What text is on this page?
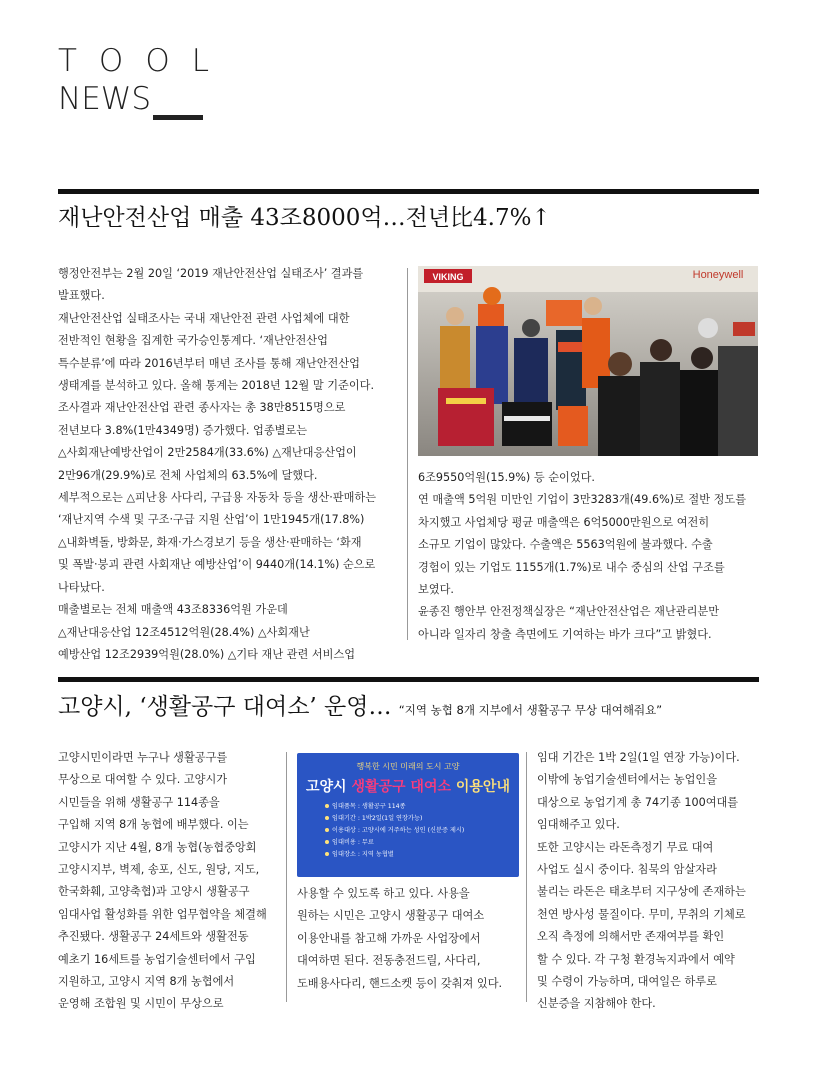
TOOL
NEWS
재난안전산업 매출 43조8000억…전년比4.7%↑

행정안전부는 2월 20일 ‘2019 재난안전산업 실태조사’ 결과를

발표했다.

재난안전산업 실태조사는 국내 재난안전 관련 사업체에 대한

전반적인 현황을 집계한 국가승인통계다. ‘재난안전산업

특수분류’에 따라 2016년부터 매년 조사를 통해 재난안전산업

생태계를 분석하고 있다. 올해 통계는 2018년 12월 말 기준이다.

조사결과 재난안전산업 관련 종사자는 총 38만8515명으로

전년보다 3.8%(1만4349명) 증가했다. 업종별로는

△사회재난예방산업이 2만2584개(33.6%) △재난대응산업이

2만96개(29.9%)로 전체 사업체의 63.5%에 달했다.

세부적으로는 △피난용 사다리, 구급용 자동차 등을 생산·판매하는

‘재난지역 수색 및 구조·구급 지원 산업’이 1만1945개(17.8%)

△내화벽돌, 방화문, 화재·가스경보기 등을 생산·판매하는 ‘화재

및 폭발·붕괴 관련 사회재난 예방산업’이 9440개(14.1%) 순으로

나타났다.

매출별로는 전체 매출액 43조8336억원 가운데

△재난대응산업 12조4512억원(28.4%) △사회재난

예방산업 12조2939억원(28.0%) △기타 재난 관련 서비스업

VIKING	Honeywell

6조9550억원(15.9%) 등 순이었다.

연 매출액 5억원 미만인 기업이 3만3283개(49.6%)로 절반 정도를

차지했고 사업체당 평균 매출액은 6억5000만원으로 여전히

소규모 기업이 많았다. 수출액은 5563억원에 불과했다. 수출

경험이 있는 기업도 1155개(1.7%)로 내수 중심의 산업 구조를

보였다.

윤종진 행안부 안전정책실장은 “재난안전산업은 재난관리분만

아니라 일자리 창출 측면에도 기여하는 바가 크다”고 밝혔다.

고양시, ‘생활공구 대여소’ 운영… “지역 농협 8개 지부에서 생활공구 무상 대여해줘요”

고양시민이라면 누구나 생활공구를

무상으로 대여할 수 있다. 고양시가

시민들을 위해 생활공구 114종을

구입해 지역 8개 농협에 배부했다. 이는

고양시가 지난 4월, 8개 농협(농협중앙회

고양시지부, 벽제, 송포, 신도, 원당, 지도,

한국화훼, 고양축협)과 고양시 생활공구

임대사업 활성화를 위한 업무협약을 체결해

추진됐다. 생활공구 24세트와 생활전동

예초기 16세트를 농업기술센터에서 구입

지원하고, 고양시 지역 8개 농협에서

운영해 조합원 및 시민이 무상으로

행복한 시민 미래의 도시 고양
고양시 생활공구 대여소 이용안내
임대품목 : 생활공구 114종
임대기간 : 1박2일(1일 연장가능)
이용대상 : 고양시에 거주하는 성인 (신분증 제시)
임대비용 : 무료
임대장소 : 지역 농협별

사용할 수 있도록 하고 있다. 사용을

원하는 시민은 고양시 생활공구 대여소

이용안내를 참고해 가까운 사업장에서

대여하면 된다. 전동충전드릴, 사다리,

도배용사다리, 핸드소켓 등이 갖춰져 있다.

임대 기간은 1박 2일(1일 연장 가능)이다.

이밖에 농업기술센터에서는 농업인을

대상으로 농업기계 총 74기종 100여대를

임대해주고 있다.

또한 고양시는 라돈측정기 무료 대여

사업도 실시 중이다. 침묵의 암살자라

불리는 라돈은 태초부터 지구상에 존재하는

천연 방사성 물질이다. 무미, 무취의 기체로

오직 측정에 의해서만 존재여부를 확인

할 수 있다. 각 구청 환경녹지과에서 예약

및 수령이 가능하며, 대여일은 하루로

신분증을 지참해야 한다.
